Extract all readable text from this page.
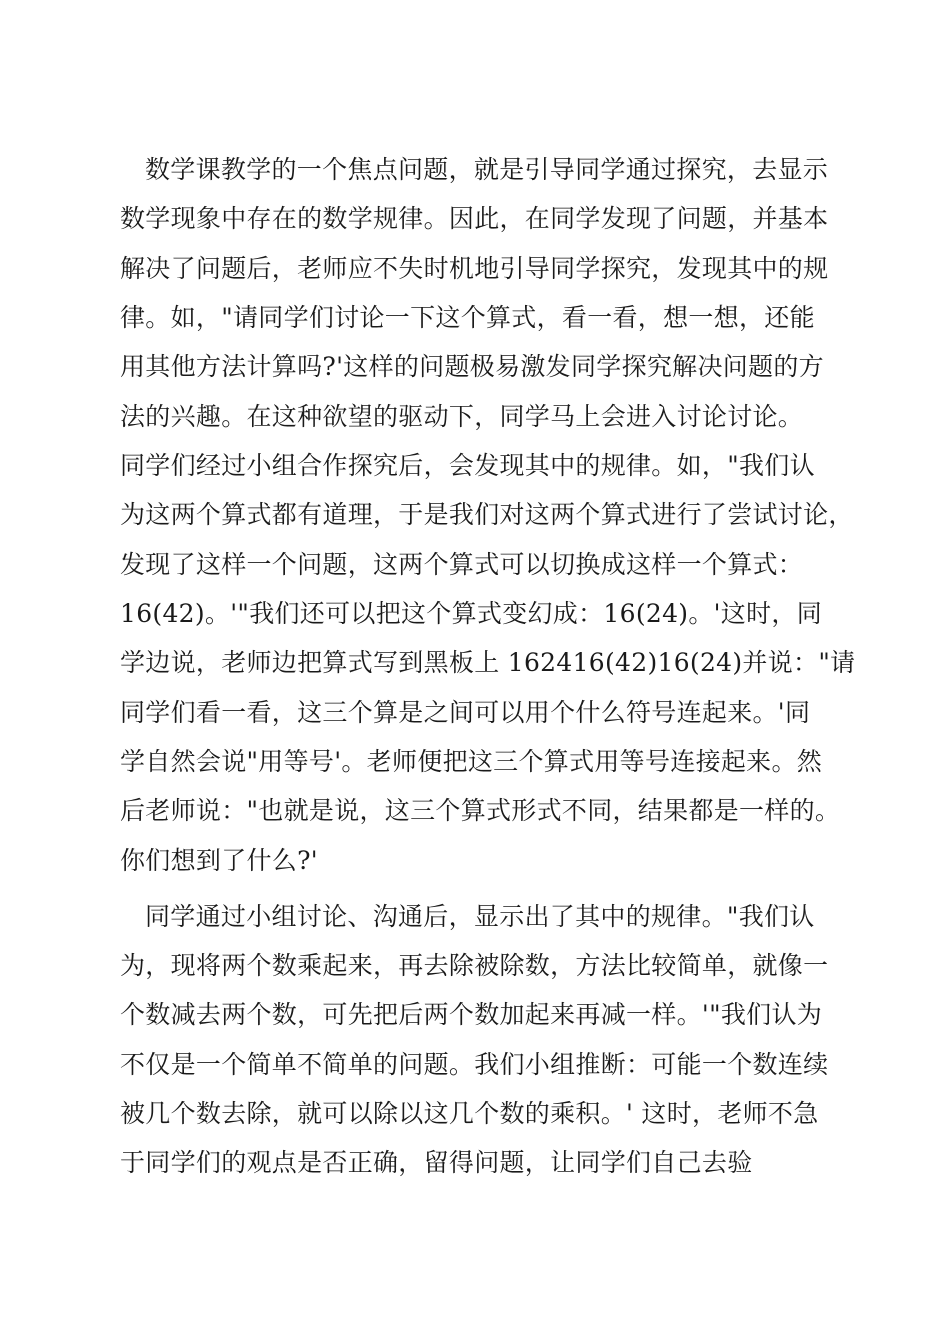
数学课教学的一个焦点问题，就是引导同学通过探究，去显示
数学现象中存在的数学规律。因此，在同学发现了问题，并基本
解决了问题后，老师应不失时机地引导同学探究，发现其中的规
律。如，"请同学们讨论一下这个算式，看一看，想一想，还能
用其他方法计算吗?'这样的问题极易激发同学探究解决问题的方
法的兴趣。在这种欲望的驱动下，同学马上会进入讨论讨论。
同学们经过小组合作探究后，会发现其中的规律。如，"我们认
为这两个算式都有道理，于是我们对这两个算式进行了尝试讨论，
发现了这样一个问题，这两个算式可以切换成这样一个算式：
16(42)。'"我们还可以把这个算式变幻成：16(24)。'这时，同
学边说，老师边把算式写到黑板上 162416(42)16(24)并说："请
同学们看一看，这三个算是之间可以用个什么符号连起来。'同
学自然会说"用等号'。老师便把这三个算式用等号连接起来。然
后老师说："也就是说，这三个算式形式不同，结果都是一样的。
你们想到了什么?'
同学通过小组讨论、沟通后，显示出了其中的规律。"我们认
为，现将两个数乘起来，再去除被除数，方法比较简单，就像一
个数减去两个数，可先把后两个数加起来再减一样。'"我们认为
不仅是一个简单不简单的问题。我们小组推断：可能一个数连续
被几个数去除，就可以除以这几个数的乘积。' 这时，老师不急
于同学们的观点是否正确，留得问题，让同学们自己去验
